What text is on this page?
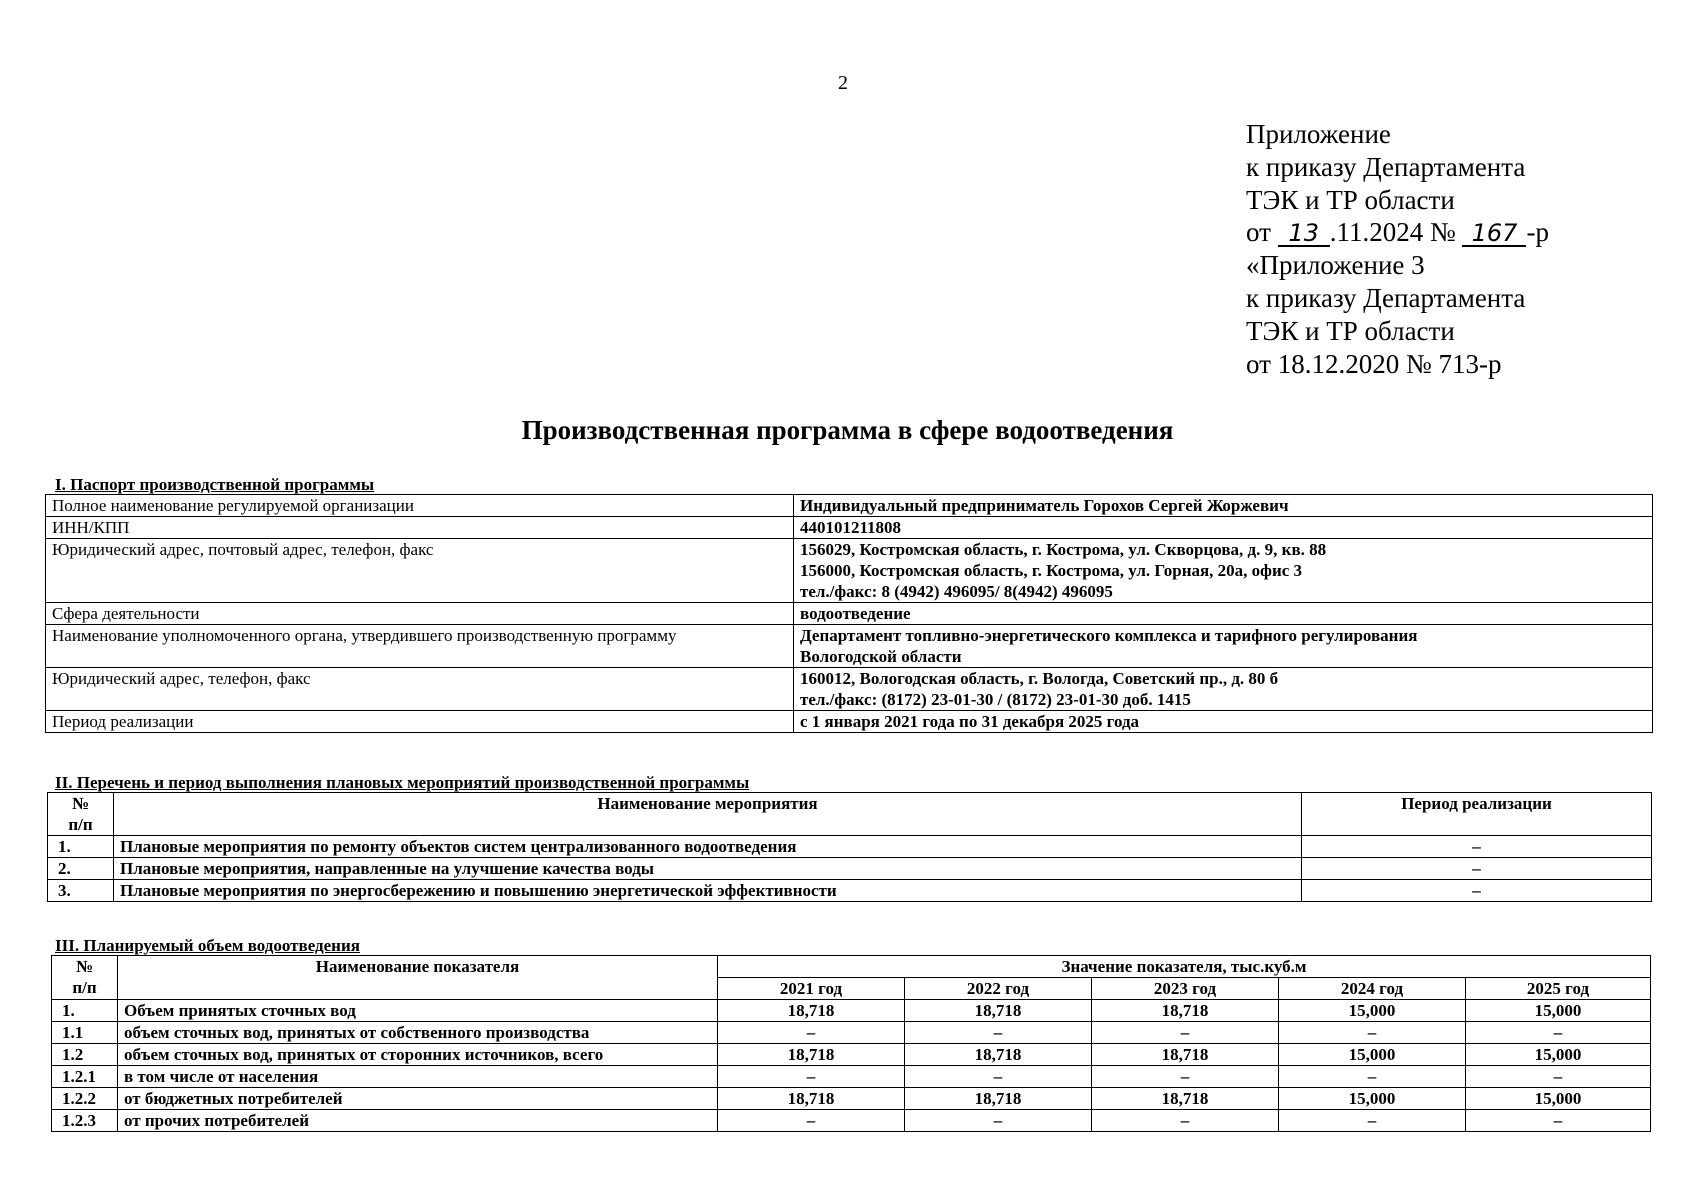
2
Приложение
к приказу Департамента
ТЭК и ТР области
от 13 .11.2024 № 167 -р
«Приложение 3
к приказу Департамента
ТЭК и ТР области
от 18.12.2020 № 713-р
Производственная программа в сфере водоотведения
I. Паспорт производственной программы
Полное наименование регулируемой организации	Индивидуальный предприниматель Горохов Сергей Жоржевич
ИНН/КПП	440101211808
Юридический адрес, почтовый адрес, телефон, факс	156029, Костромская область, г. Кострома, ул. Скворцова, д. 9, кв. 88
156000, Костромская область, г. Кострома, ул. Горная, 20а, офис 3
тел./факс: 8 (4942) 496095/ 8(4942) 496095
Сфера деятельности	водоотведение
Наименование уполномоченного органа, утвердившего производственную программу	Департамент топливно-энергетического комплекса и тарифного регулирования
Вологодской области
Юридический адрес, телефон, факс	160012, Вологодская область, г. Вологда, Советский пр., д. 80 б
тел./факс: (8172) 23-01-30 / (8172) 23-01-30 доб. 1415
Период реализации	с 1 января 2021 года по 31 декабря 2025 года
II. Перечень и период выполнения плановых мероприятий производственной программы
№
п/п	Наименование мероприятия	Период реализации
1.	Плановые мероприятия по ремонту объектов систем централизованного водоотведения	–
2.	Плановые мероприятия, направленные на улучшение качества воды	–
3.	Плановые мероприятия по энергосбережению и повышению энергетической эффективности	–
III. Планируемый объем водоотведения
№
п/п	Наименование показателя	Значение показателя, тыс.куб.м				
		2021 год	2022 год	2023 год	2024 год	2025 год
1.	Объем принятых сточных вод	18,718	18,718	18,718	15,000	15,000
1.1	объем сточных вод, принятых от собственного производства	–	–	–	–	–
1.2	объем сточных вод, принятых от сторонних источников, всего	18,718	18,718	18,718	15,000	15,000
1.2.1	в том числе от населения	–	–	–	–	–
1.2.2	от бюджетных потребителей	18,718	18,718	18,718	15,000	15,000
1.2.3	от прочих потребителей	–	–	–	–	–
